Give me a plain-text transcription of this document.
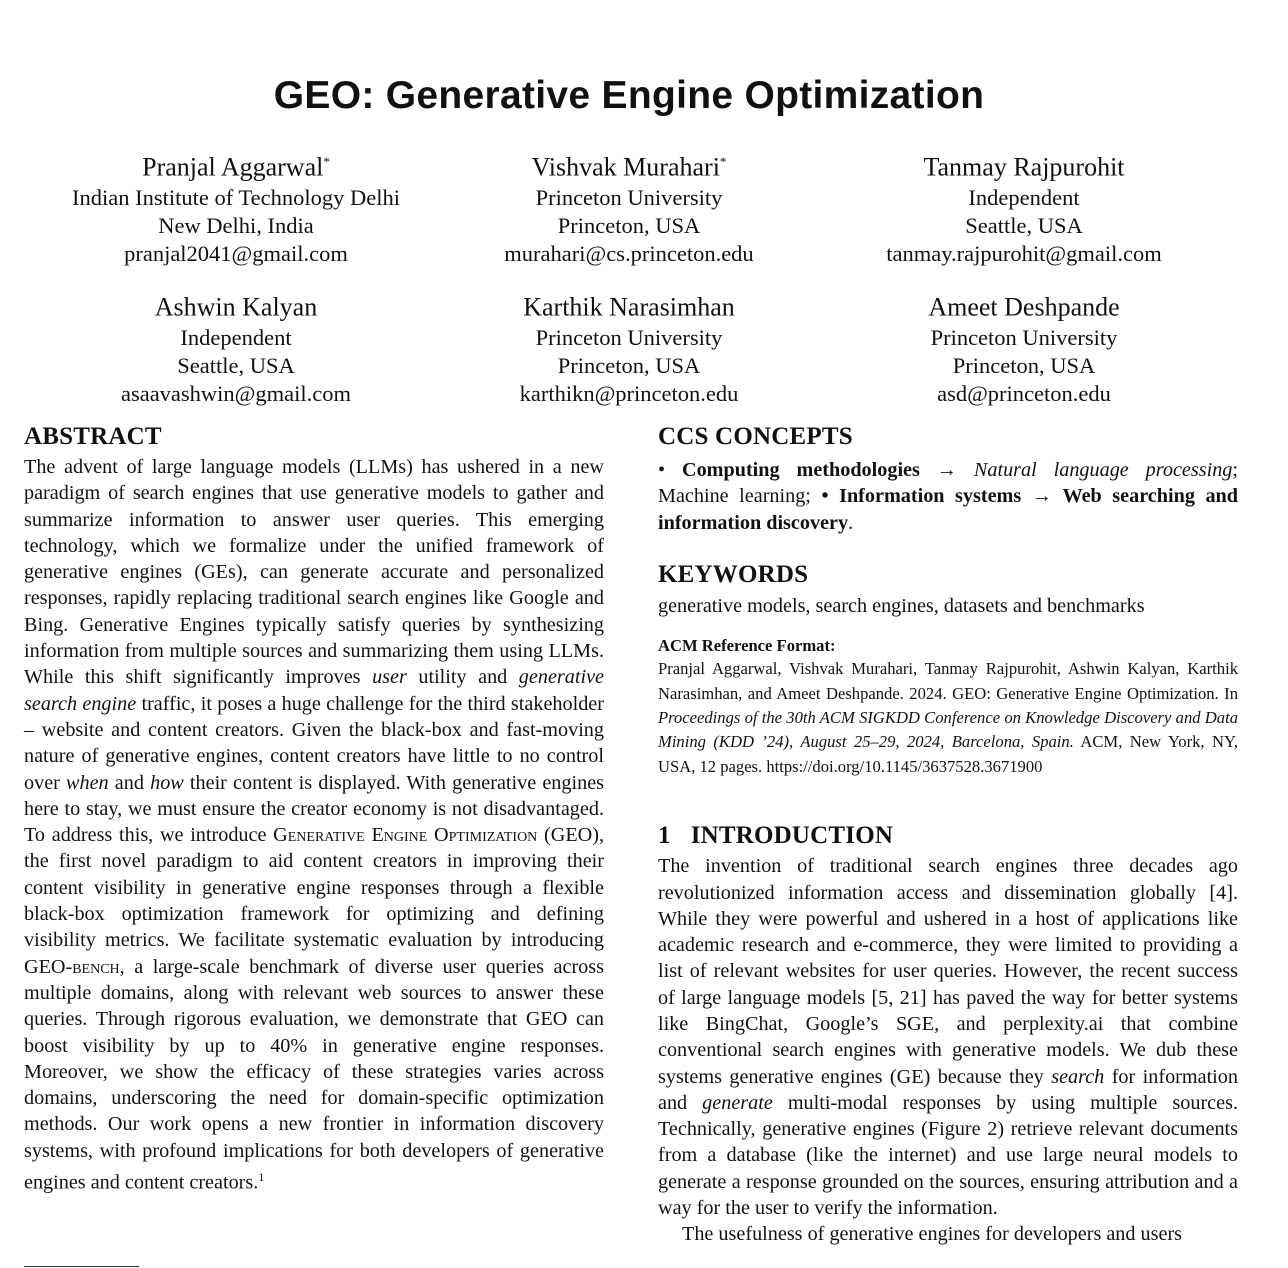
GEO: Generative Engine Optimization
Pranjal Aggarwal*
Indian Institute of Technology Delhi
New Delhi, India
pranjal2041@gmail.com
Vishvak Murahari*
Princeton University
Princeton, USA
murahari@cs.princeton.edu
Tanmay Rajpurohit
Independent
Seattle, USA
tanmay.rajpurohit@gmail.com
Ashwin Kalyan
Independent
Seattle, USA
asaavashwin@gmail.com
Karthik Narasimhan
Princeton University
Princeton, USA
karthikn@princeton.edu
Ameet Deshpande
Princeton University
Princeton, USA
asd@princeton.edu
ABSTRACT

The advent of large language models (LLMs) has ushered in a new paradigm of search engines that use generative models to gather and summarize information to answer user queries. This emerging technology, which we formalize under the unified framework of generative engines (GEs), can generate accurate and personalized responses, rapidly replacing traditional search engines like Google and Bing. Generative Engines typically satisfy queries by synthesizing information from multiple sources and summarizing them using LLMs. While this shift significantly improves user utility and generative search engine traffic, it poses a huge challenge for the third stakeholder – website and content creators. Given the black-box and fast-moving nature of generative engines, content creators have little to no control over when and how their content is displayed. With generative engines here to stay, we must ensure the creator economy is not disadvantaged. To address this, we introduce Generative Engine Optimization (GEO), the first novel paradigm to aid content creators in improving their content visibility in generative engine responses through a flexible black-box optimization framework for optimizing and defining visibility metrics. We facilitate systematic evaluation by introducing GEO-bench, a large-scale benchmark of diverse user queries across multiple domains, along with relevant web sources to answer these queries. Through rigorous evaluation, we demonstrate that GEO can boost visibility by up to 40% in generative engine responses. Moreover, we show the efficacy of these strategies varies across domains, underscoring the need for domain-specific optimization methods. Our work opens a new frontier in information discovery systems, with profound implications for both developers of generative engines and content creators.$^1$

CCS CONCEPTS

• Computing methodologies → Natural language processing; Machine learning; • Information systems → Web searching and information discovery.

KEYWORDS

generative models, search engines, datasets and benchmarks

ACM Reference Format:

Pranjal Aggarwal, Vishvak Murahari, Tanmay Rajpurohit, Ashwin Kalyan, Karthik Narasimhan, and Ameet Deshpande. 2024. GEO: Generative Engine Optimization. In Proceedings of the 30th ACM SIGKDD Conference on Knowledge Discovery and Data Mining (KDD ’24), August 25–29, 2024, Barcelona, Spain. ACM, New York, NY, USA, 12 pages. https://doi.org/10.1145/3637528.3671900

1 INTRODUCTION

The invention of traditional search engines three decades ago revolutionized information access and dissemination globally [4]. While they were powerful and ushered in a host of applications like academic research and e-commerce, they were limited to providing a list of relevant websites for user queries. However, the recent success of large language models [5, 21] has paved the way for better systems like BingChat, Google’s SGE, and perplexity.ai that combine conventional search engines with generative models. We dub these systems generative engines (GE) because they search for information and generate multi-modal responses by using multiple sources. Technically, generative engines (Figure 2) retrieve relevant documents from a database (like the internet) and use large neural models to generate a response grounded on the sources, ensuring attribution and a way for the user to verify the information.

The usefulness of generative engines for developers and users
